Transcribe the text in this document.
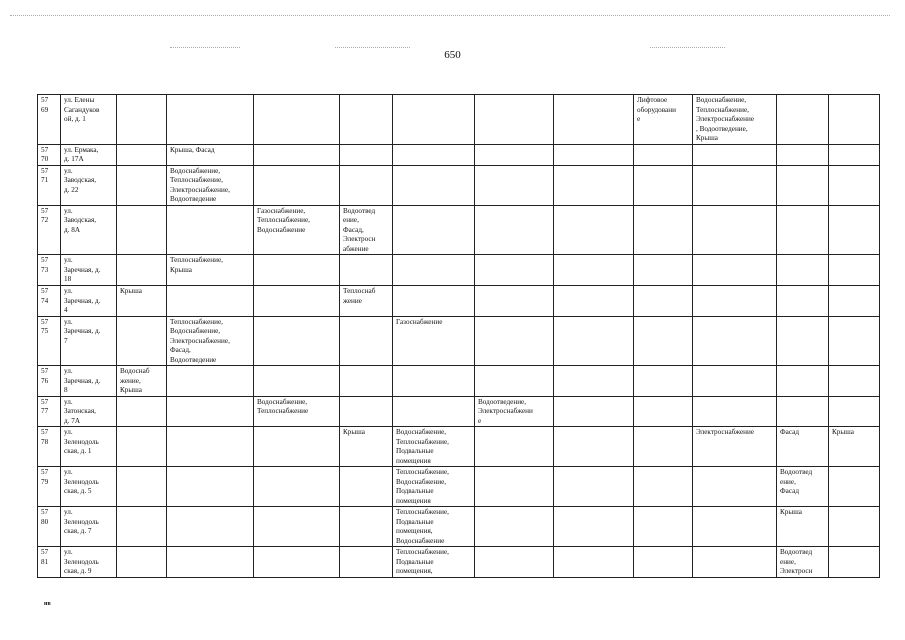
650
57
69	ул. Елены
Сагандуков
ой, д. 1								Лифтовое
оборудовани
е	Водоснабжение,
Теплоснабжение,
Электроснабжение
, Водоотведение,
Крыша		
57
70	ул. Ермака,
д. 17А		Крыша, Фасад									
57
71	ул.
Заводская,
д. 22		Водоснабжение,
Теплоснабжение,
Электроснабжение,
Водоотведение									
57
72	ул.
Заводская,
д. 8А			Газоснабжение,
Теплоснабжение,
Водоснабжение	Водоотвед
ение,
Фасад,
Электросн
абжение							
57
73	ул.
Заречная, д.
18		Теплоснабжение,
Крыша									
57
74	ул.
Заречная, д.
4	Крыша			Теплоснаб
жение							
57
75	ул.
Заречная, д.
7		Теплоснабжение,
Водоснабжение,
Электроснабжение,
Фасад,
Водоотведение			Газоснабжение						
57
76	ул.
Заречная, д.
8	Водоснаб
жение,
Крыша										
57
77	ул.
Затонская,
д. 7А			Водоснабжение,
Теплоснабжение			Водоотведение,
Электроснабжени
е					
57
78	ул.
Зеленодоль
ская, д. 1				Крыша	Водоснабжение,
Теплоснабжение,
Подвальные
помещения				Электроснабжение	Фасад	Крыша
57
79	ул.
Зеленодоль
ская, д. 5					Теплоснабжение,
Водоснабжение,
Подвальные
помещения					Водоотвед
ение,
Фасад	
57
80	ул.
Зеленодоль
ская, д. 7					Теплоснабжение,
Подвальные
помещения,
Водоснабжение					Крыша	
57
81	ул.
Зеленодоль
ская, д. 9					Теплоснабжение,
Подвальные
помещения,					Водоотвед
ение,
Электросн	
нв
